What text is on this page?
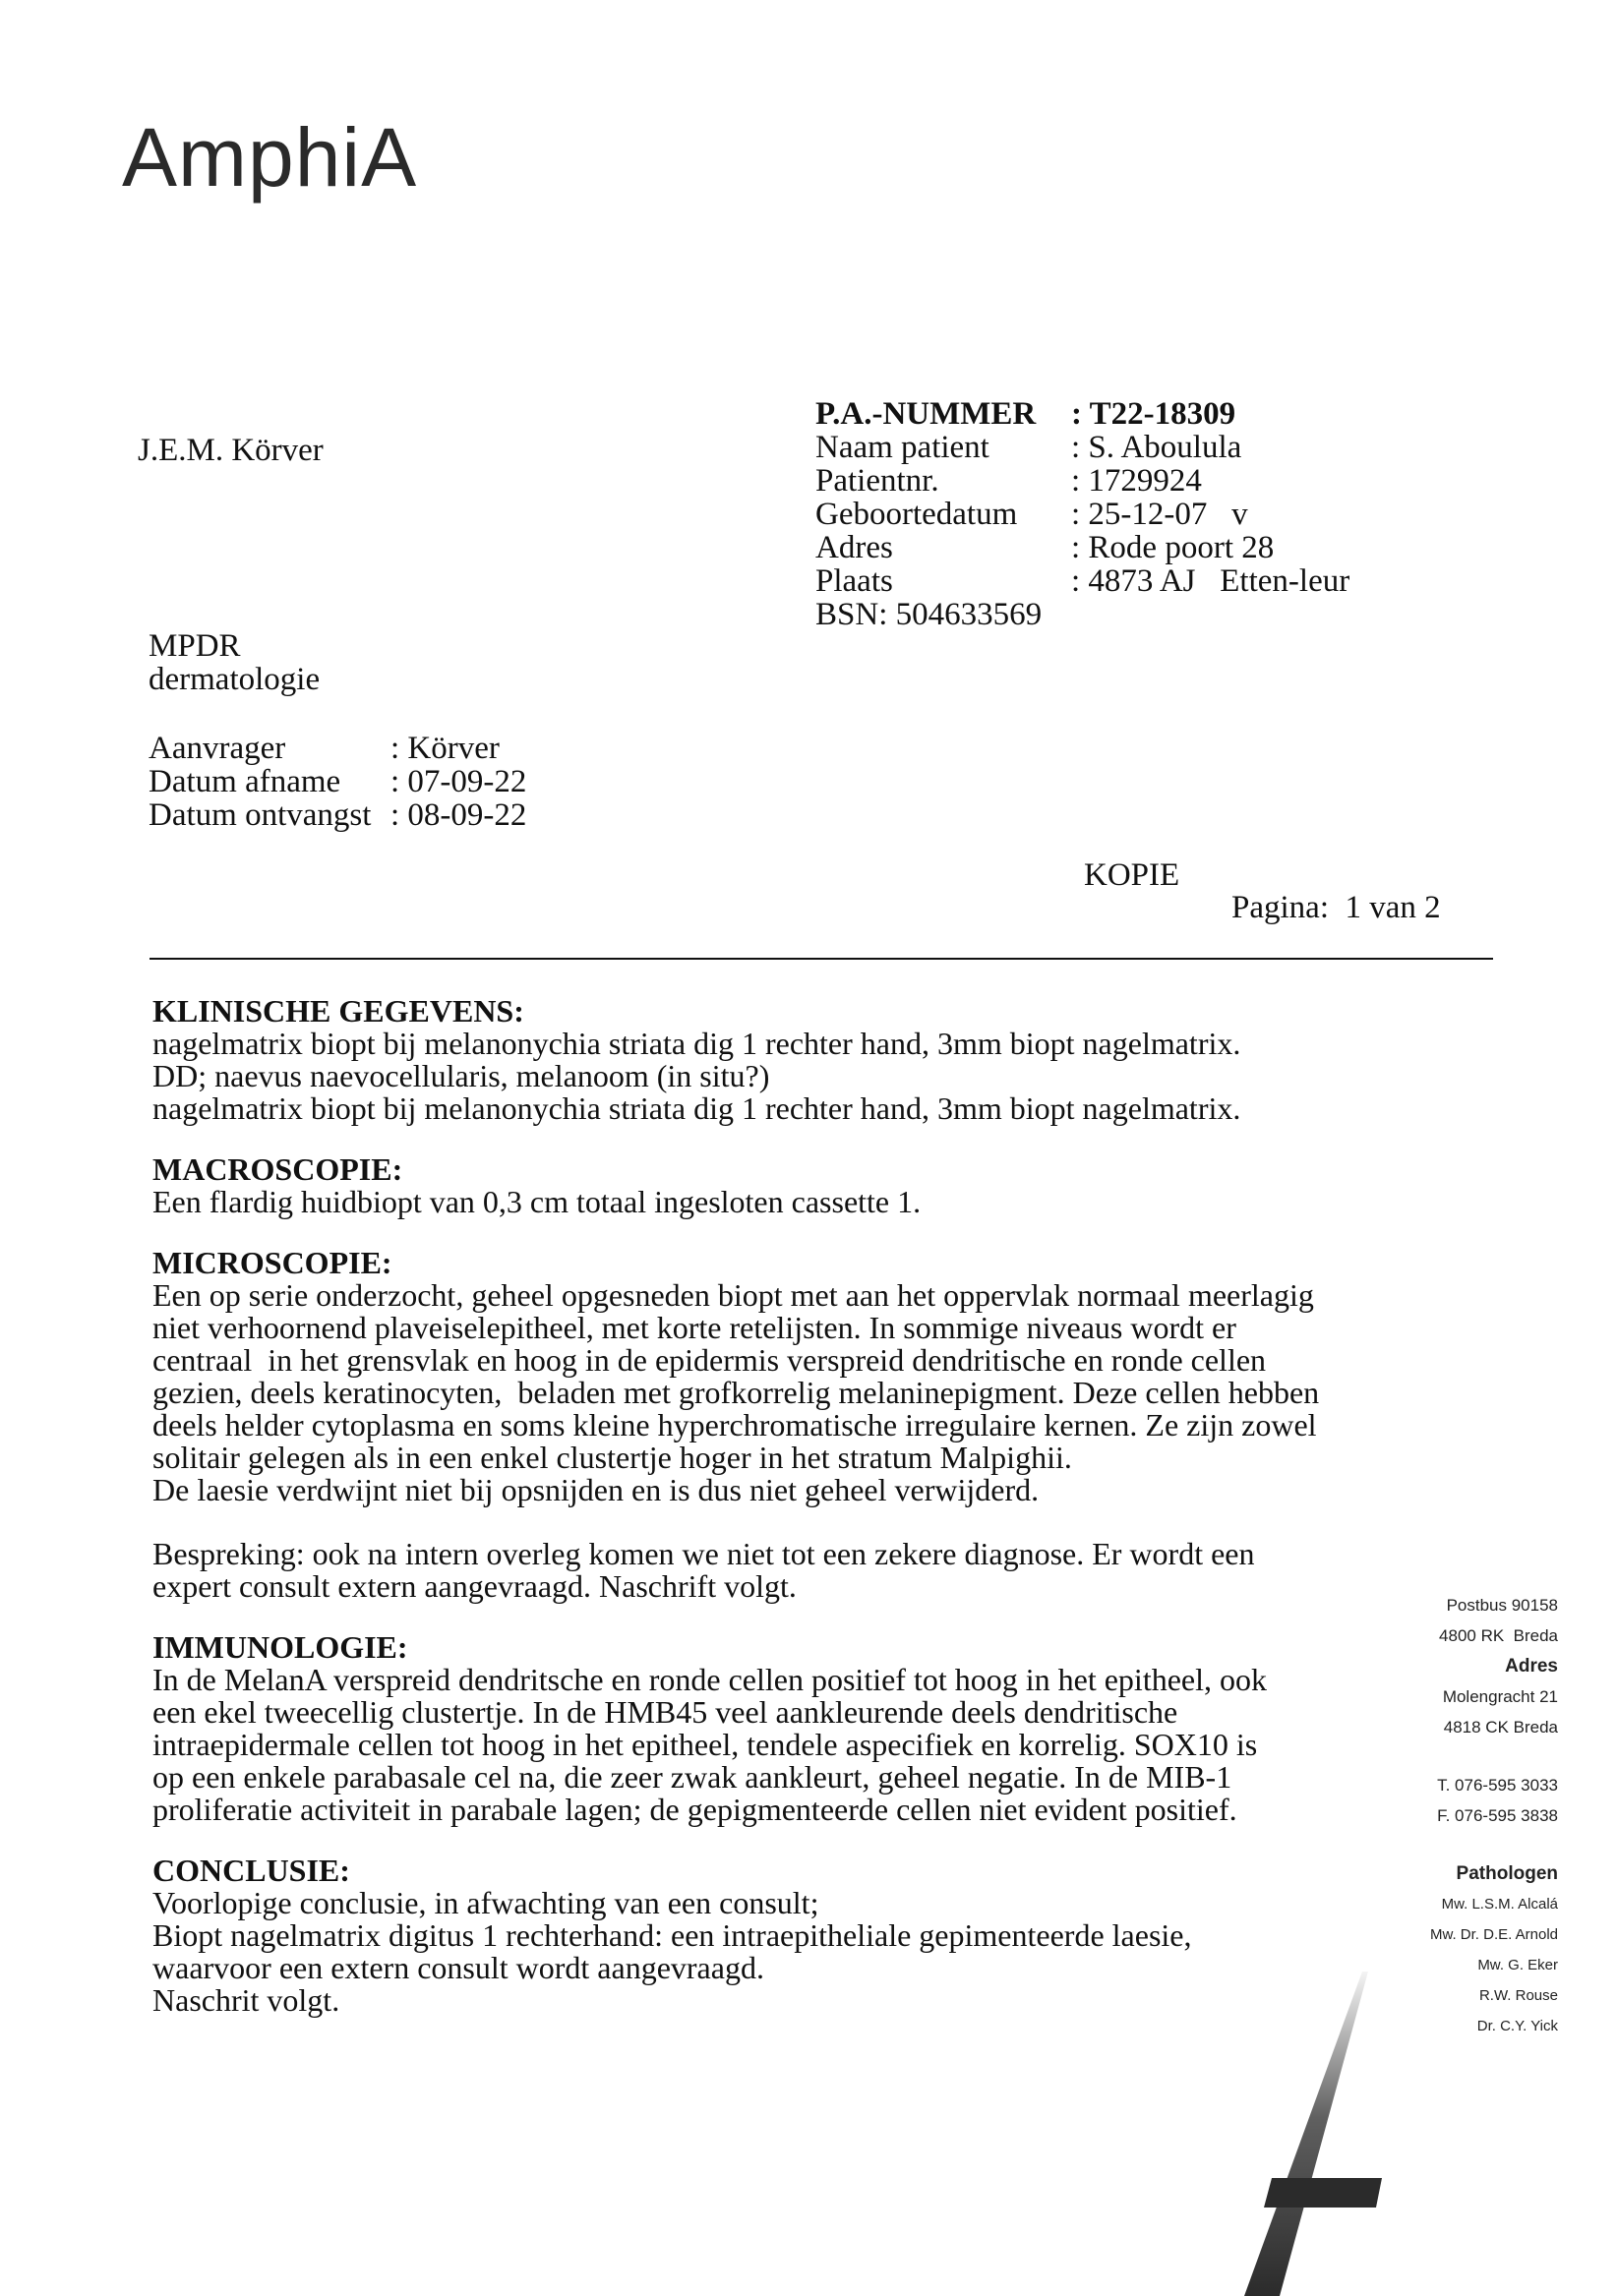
AmphiA
J.E.M. Körver
P.A.-NUMMER	: T22-18309
Naam patient	: S. Aboulula
Patientnr.	: 1729924
Geboortedatum	: 25-12-07   v
Adres	: Rode poort 28
Plaats	: 4873 AJ   Etten-leur
BSN: 504633569
MPDR
dermatologie
Aanvrager	: Körver
Datum afname	: 07-09-22
Datum ontvangst : 08-09-22
KOPIE
Pagina:  1 van 2
KLINISCHE GEGEVENS:

nagelmatrix biopt bij melanonychia striata dig 1 rechter hand, 3mm biopt nagelmatrix.

DD; naevus naevocellularis, melanoom (in situ?)

nagelmatrix biopt bij melanonychia striata dig 1 rechter hand, 3mm biopt nagelmatrix.

MACROSCOPIE:

Een flardig huidbiopt van 0,3 cm totaal ingesloten cassette 1.

MICROSCOPIE:

Een op serie onderzocht, geheel opgesneden biopt met aan het oppervlak normaal meerlagig

niet verhoornend plaveiselepitheel, met korte retelijsten. In sommige niveaus wordt er

centraal  in het grensvlak en hoog in de epidermis verspreid dendritische en ronde cellen

gezien, deels keratinocyten,  beladen met grofkorrelig melaninepigment. Deze cellen hebben

deels helder cytoplasma en soms kleine hyperchromatische irregulaire kernen. Ze zijn zowel

solitair gelegen als in een enkel clustertje hoger in het stratum Malpighii.

De laesie verdwijnt niet bij opsnijden en is dus niet geheel verwijderd.

Bespreking: ook na intern overleg komen we niet tot een zekere diagnose. Er wordt een

expert consult extern aangevraagd. Naschrift volgt.

IMMUNOLOGIE:

In de MelanA verspreid dendritsche en ronde cellen positief tot hoog in het epitheel, ook

een ekel tweecellig clustertje. In de HMB45 veel aankleurende deels dendritische

intraepidermale cellen tot hoog in het epitheel, tendele aspecifiek en korrelig. SOX10 is

op een enkele parabasale cel na, die zeer zwak aankleurt, geheel negatie. In de MIB-1

proliferatie activiteit in parabale lagen; de gepigmenteerde cellen niet evident positief.

CONCLUSIE:

Voorlopige conclusie, in afwachting van een consult;

Biopt nagelmatrix digitus 1 rechterhand: een intraepitheliale gepimenteerde laesie,

waarvoor een extern consult wordt aangevraagd.

Naschrit volgt.

Postbus 90158
4800 RK  Breda
Adres
Molengracht 21
4818 CK Breda
T. 076-595 3033
F. 076-595 3838
Pathologen
Mw. L.S.M. Alcalá
Mw. Dr. D.E. Arnold
Mw. G. Eker
R.W. Rouse
Dr. C.Y. Yick
